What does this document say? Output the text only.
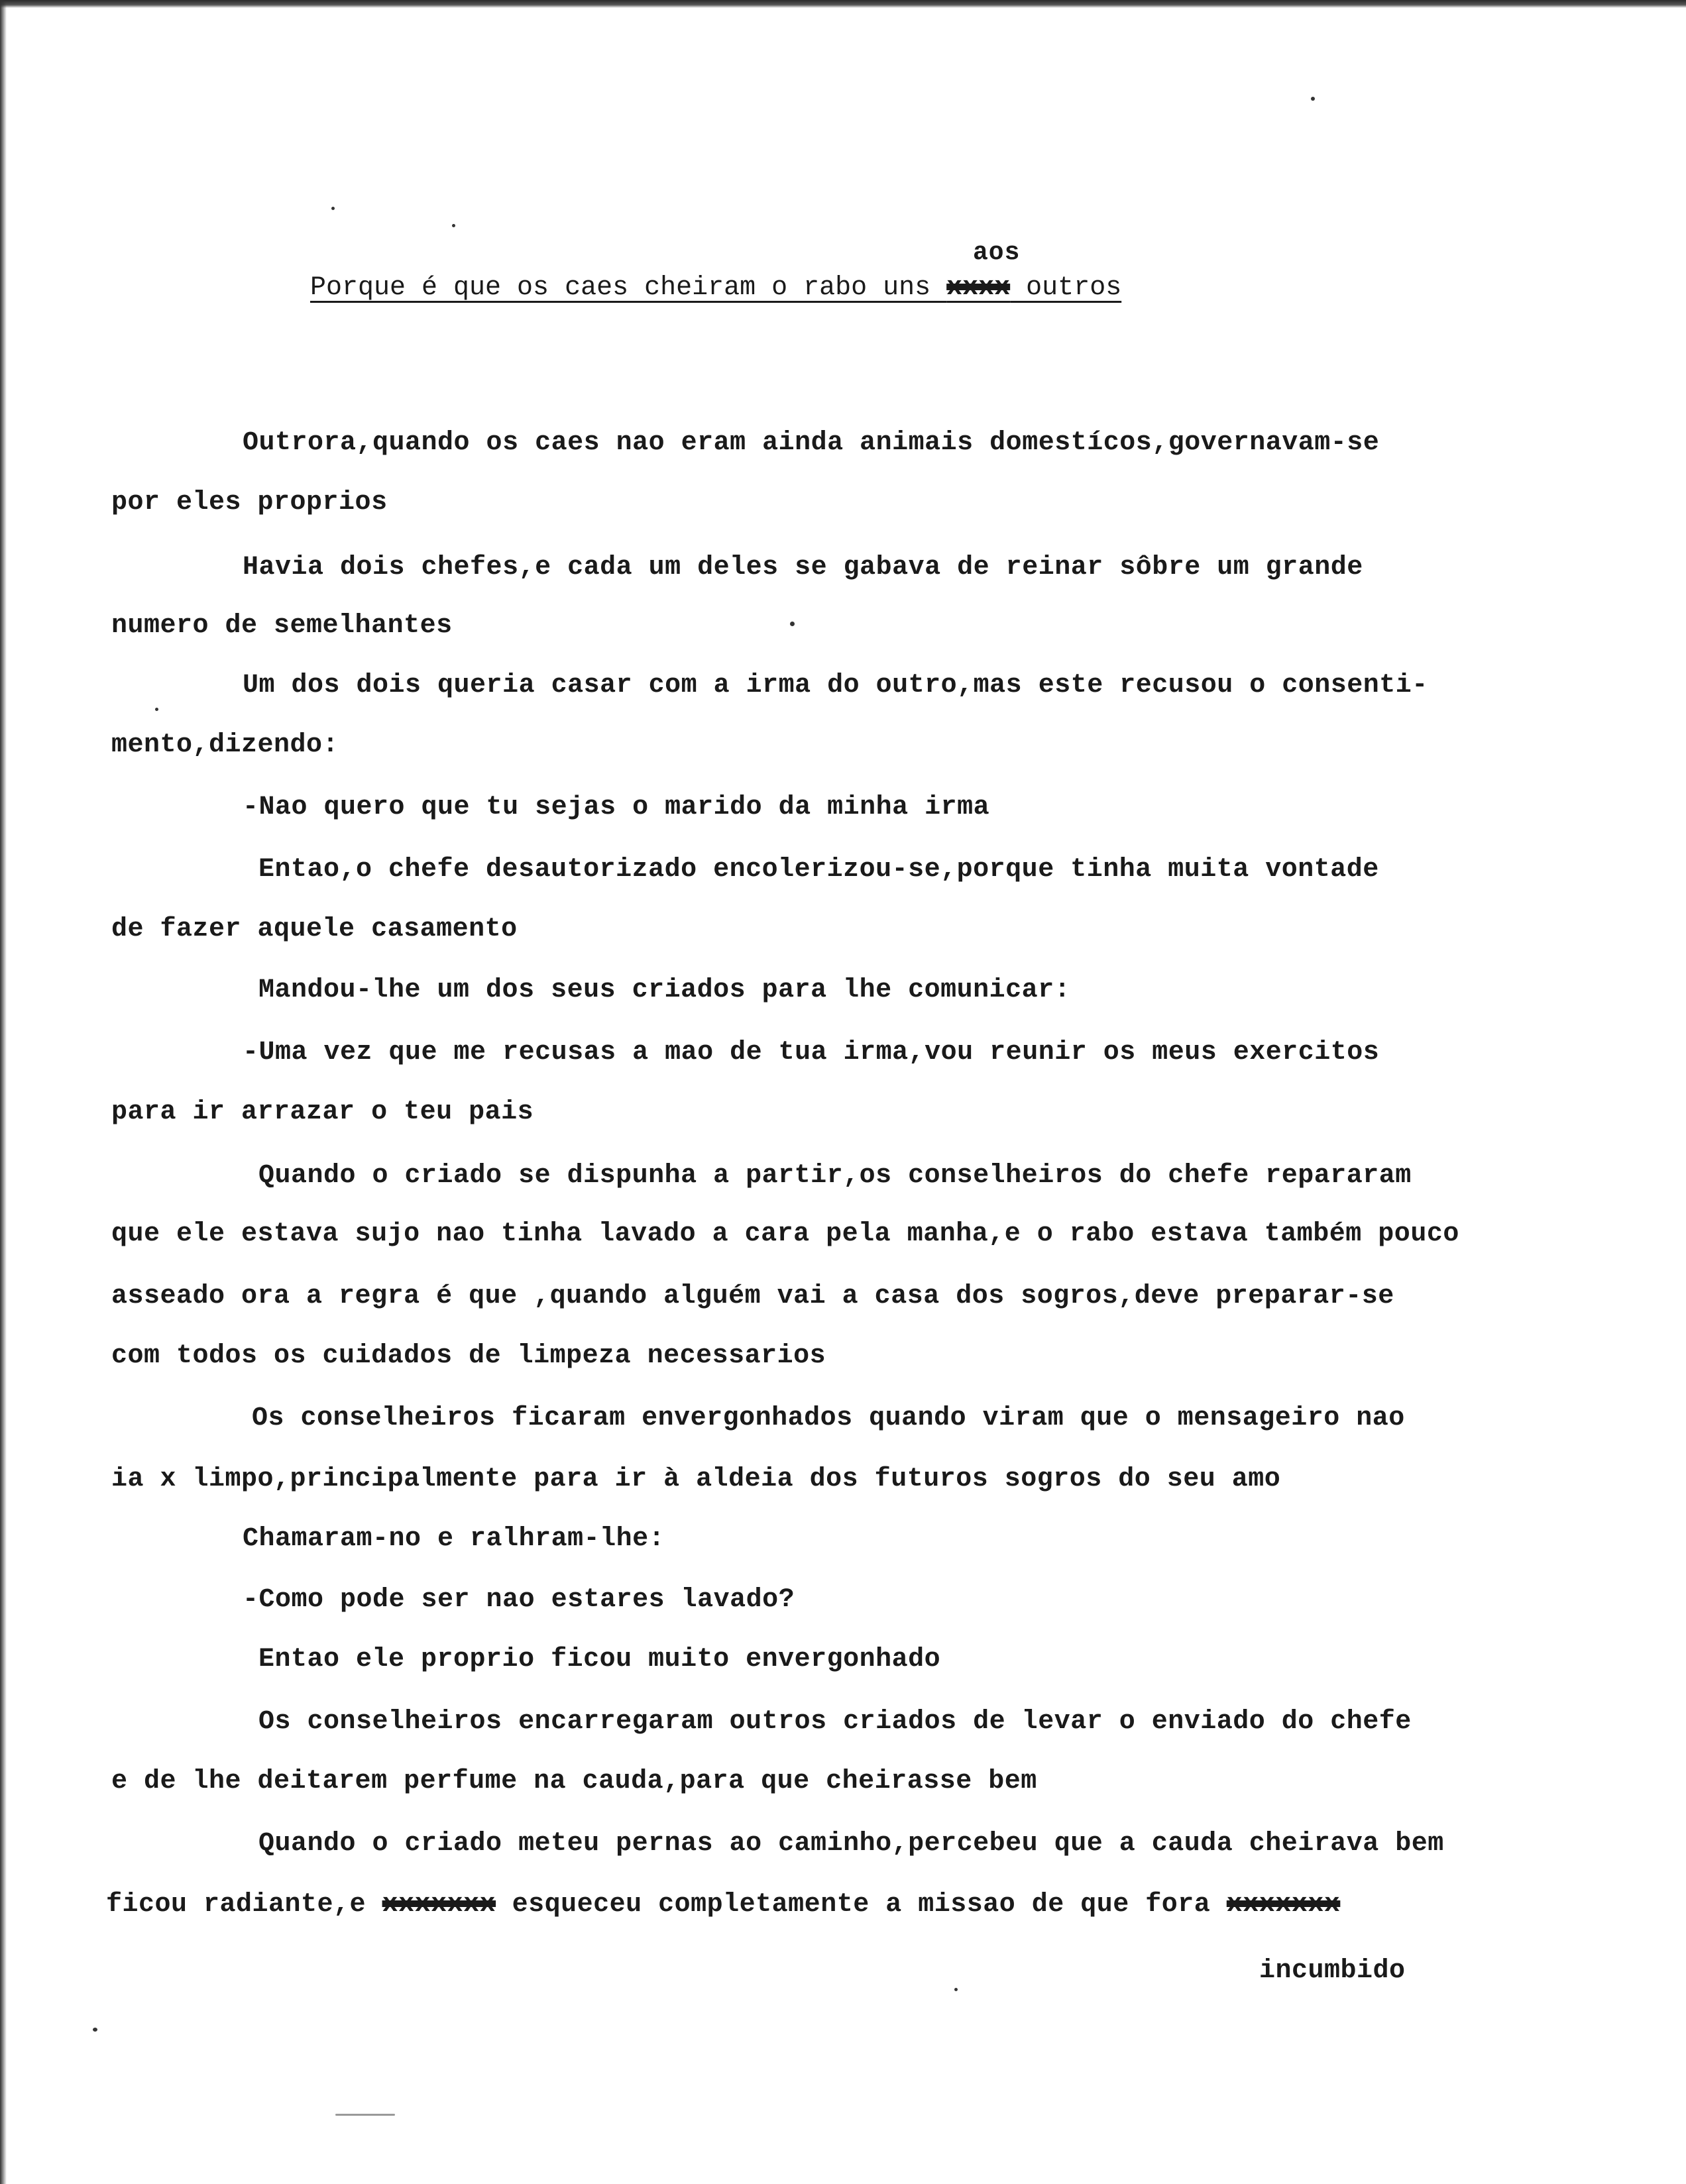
aos
Porque é que os caes cheiram o rabo uns xxxx outros
Outrora,quando os caes nao eram ainda animais domestícos,governavam-se
por eles proprios
Havia dois chefes,e cada um deles se gabava de reinar sôbre um grande
numero de semelhantes
Um dos dois queria casar com a irma do outro,mas este recusou o consenti-
mento,dizendo:
-Nao quero que tu sejas o marido da minha irma
Entao,o chefe desautorizado encolerizou-se,porque tinha muita vontade
de fazer aquele casamento
Mandou-lhe um dos seus criados para lhe comunicar:
-Uma vez que me recusas a mao de tua irma,vou reunir os meus exercitos
para ir arrazar o teu pais
Quando o criado se dispunha a partir,os conselheiros do chefe repararam
que ele estava sujo nao tinha lavado a cara pela manha,e o rabo estava também pouco
asseado ora a regra é que ,quando alguém vai a casa dos sogros,deve preparar-se
com todos os cuidados de limpeza necessarios
Os conselheiros ficaram envergonhados quando viram que o mensageiro nao
ia x limpo,principalmente para ir à aldeia dos futuros sogros do seu amo
Chamaram-no e ralhram-lhe:
-Como pode ser nao estares lavado?
Entao ele proprio ficou muito envergonhado
Os conselheiros encarregaram outros criados de levar o enviado do chefe
e de lhe deitarem perfume na cauda,para que cheirasse bem
Quando o criado meteu pernas ao caminho,percebeu que a cauda cheirava bem
ficou radiante,e xxxxxxx esqueceu completamente a missao de que fora xxxxxxx
incumbido
